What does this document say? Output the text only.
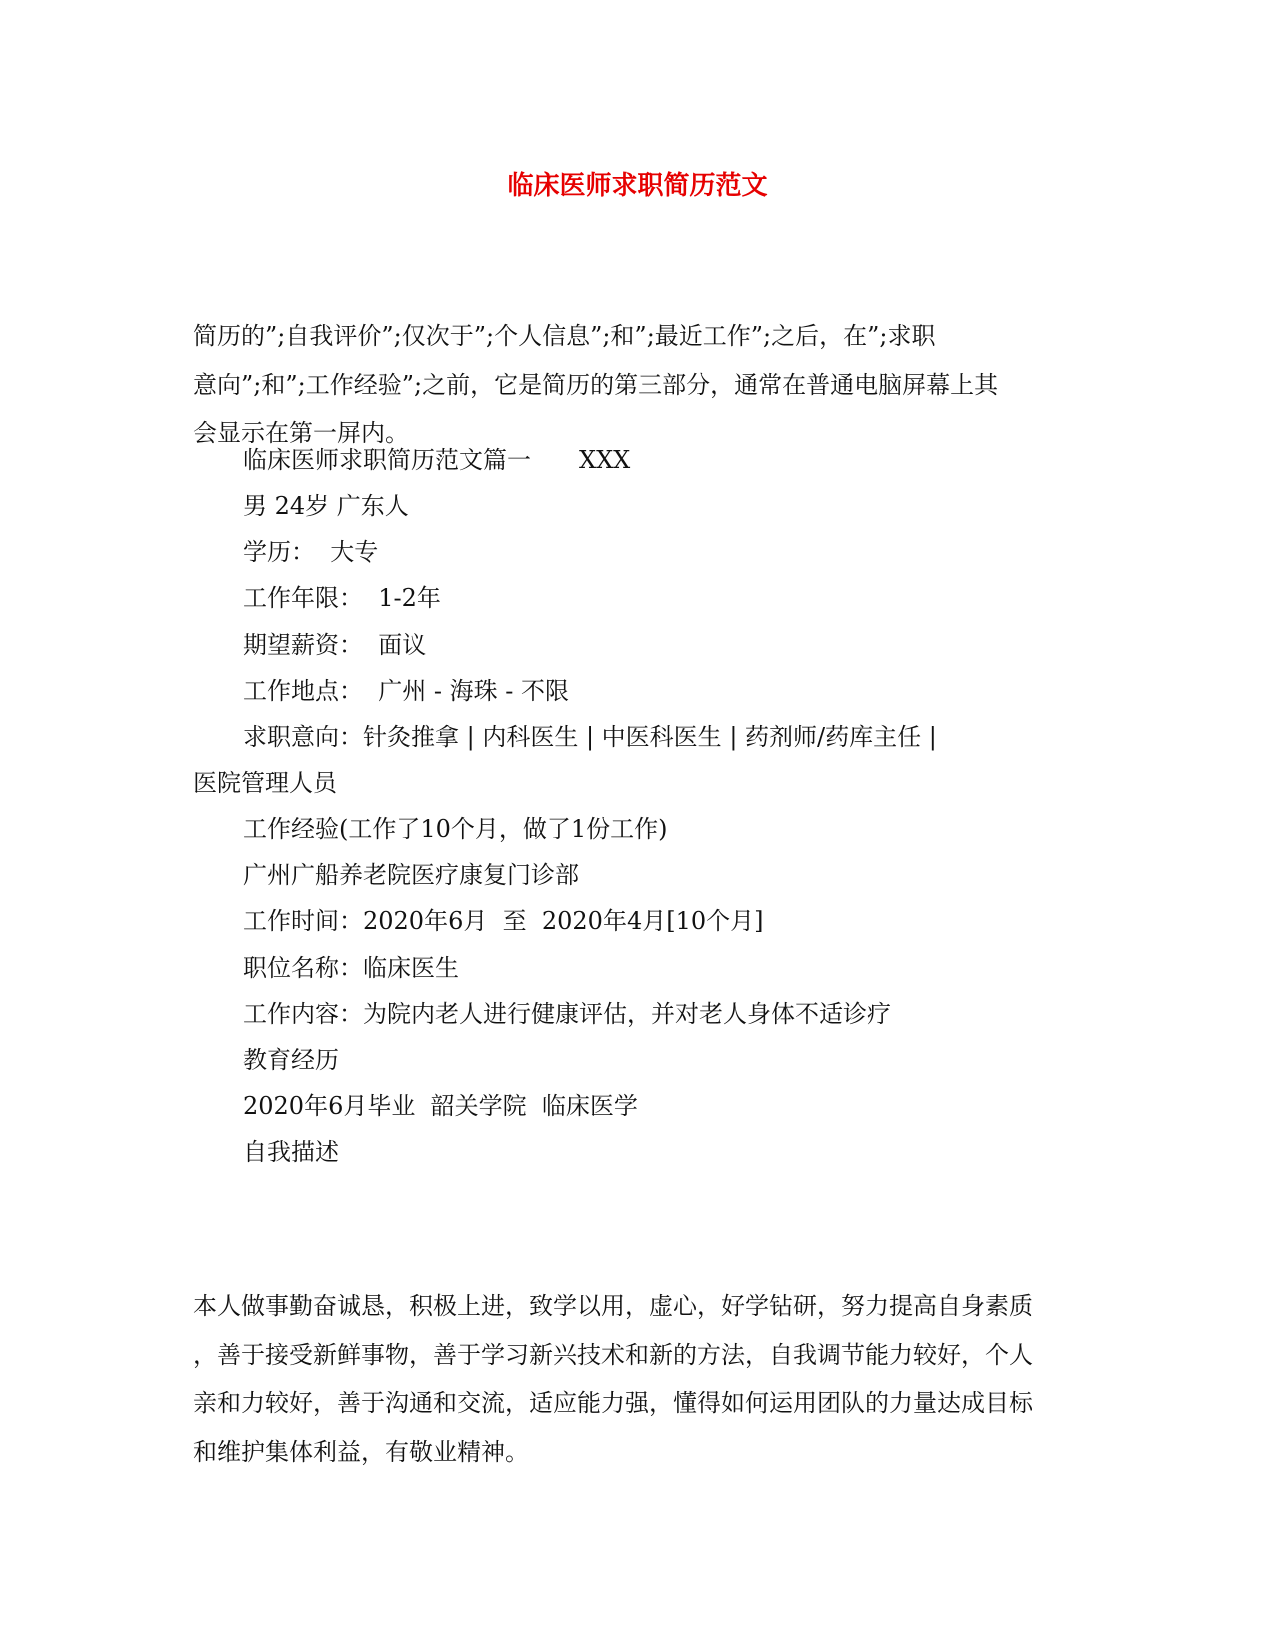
临床医师求职简历范文
简历的”;自我评价”;仅次于”;个人信息”;和”;最近工作”;之后，在”;求职
意向”;和”;工作经验”;之前，它是简历的第三部分，通常在普通电脑屏幕上其
会显示在第一屏内。
临床医师求职简历范文篇一 XXX
男 24岁 广东人
学历：  大专
工作年限：  1-2年
期望薪资：  面议
工作地点：  广州 - 海珠 - 不限
求职意向：针灸推拿 | 内科医生 | 中医科医生 | 药剂师/药库主任 |
医院管理人员
工作经验(工作了10个月，做了1份工作)
广州广船养老院医疗康复门诊部
工作时间：2020年6月  至  2020年4月[10个月]
职位名称：临床医生
工作内容：为院内老人进行健康评估，并对老人身体不适诊疗
教育经历
2020年6月毕业  韶关学院  临床医学
自我描述
本人做事勤奋诚恳，积极上进，致学以用，虚心，好学钻研，努力提高自身素质
，善于接受新鲜事物，善于学习新兴技术和新的方法，自我调节能力较好，个人
亲和力较好，善于沟通和交流，适应能力强，懂得如何运用团队的力量达成目标
和维护集体利益，有敬业精神。
